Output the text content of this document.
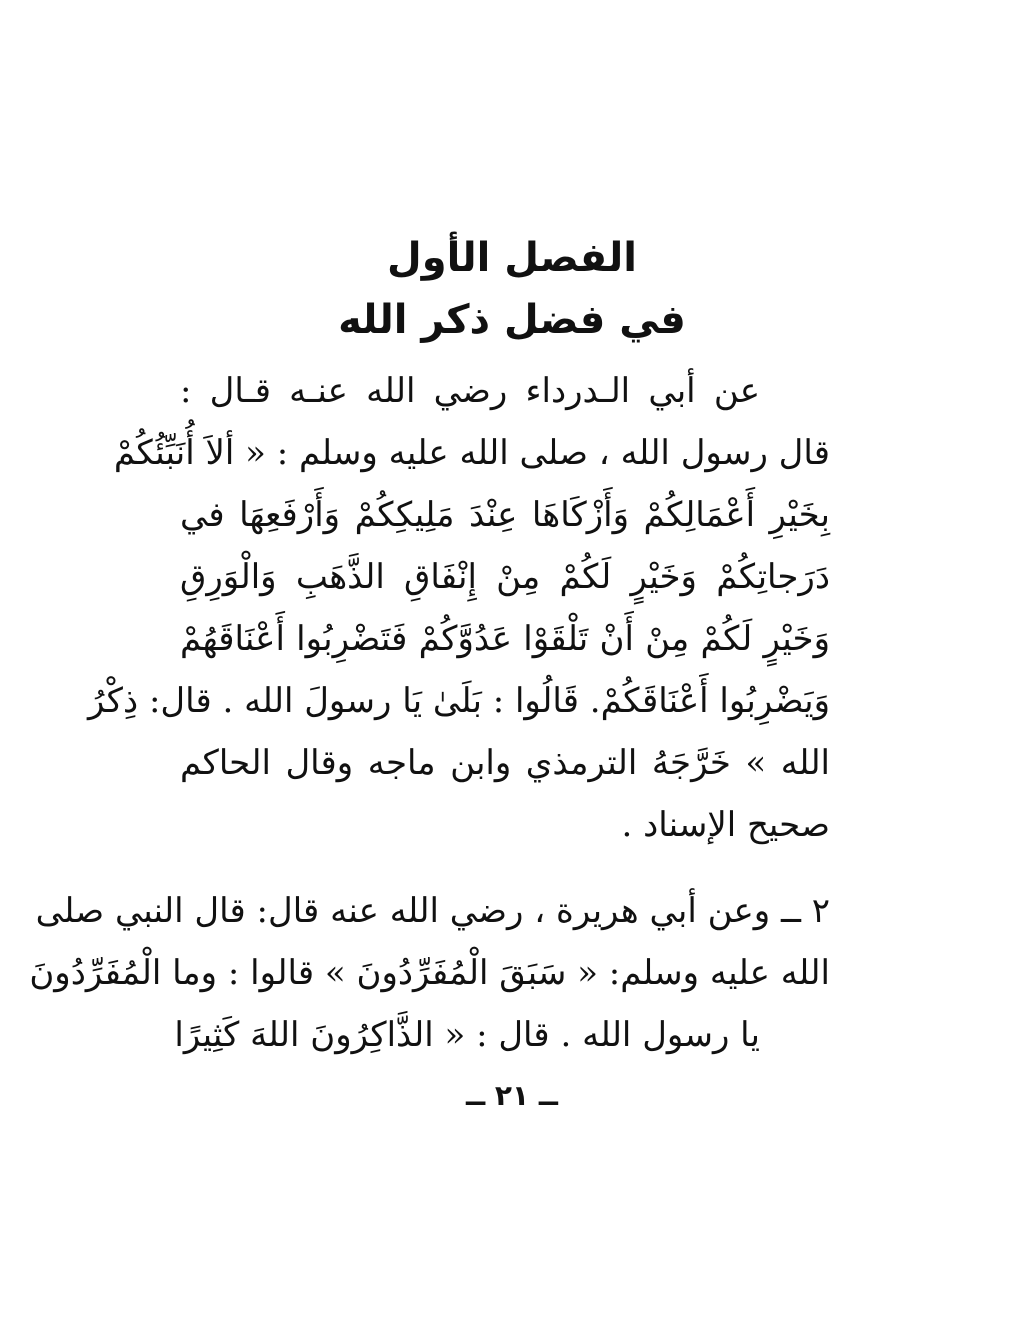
الفصل الأول
في فضل ذكر الله
عن أبي الـدرداء رضي الله عنـه قـال :
قال رسول الله ، صلى الله عليه وسلم : « ألاَ أُنَبِّئُكُمْ
بِخَيْرِ أَعْمَالِكُمْ وَأَزْكَاهَا عِنْدَ مَلِيكِكُمْ وَأَرْفَعِهَا في
دَرَجاتِكُمْ وَخَيْرٍ لَكُمْ مِنْ إِنْفَاقِ الذَّهَبِ وَالْوَرِقِ
وَخَيْرٍ لَكُمْ مِنْ أَنْ تَلْقَوْا عَدُوَّكُمْ فَتَضْرِبُوا أَعْنَاقَهُمْ
وَيَضْرِبُوا أَعْنَاقَكُمْ. قَالُوا : بَلَىٰ يَا رسولَ الله . قال: ذِكْرُ
الله » خَرَّجَهُ الترمذي وابن ماجه وقال الحاكم
صحيح الإسناد .
٢ ــ وعن أبي هريرة ، رضي الله عنه قال: قال النبي صلى
الله عليه وسلم: « سَبَقَ الْمُفَرِّدُونَ » قالوا : وما الْمُفَرِّدُونَ
يا رسول الله . قال : « الذَّاكِرُونَ اللهَ كَثِيرًا
ــ ٢١ ــ
